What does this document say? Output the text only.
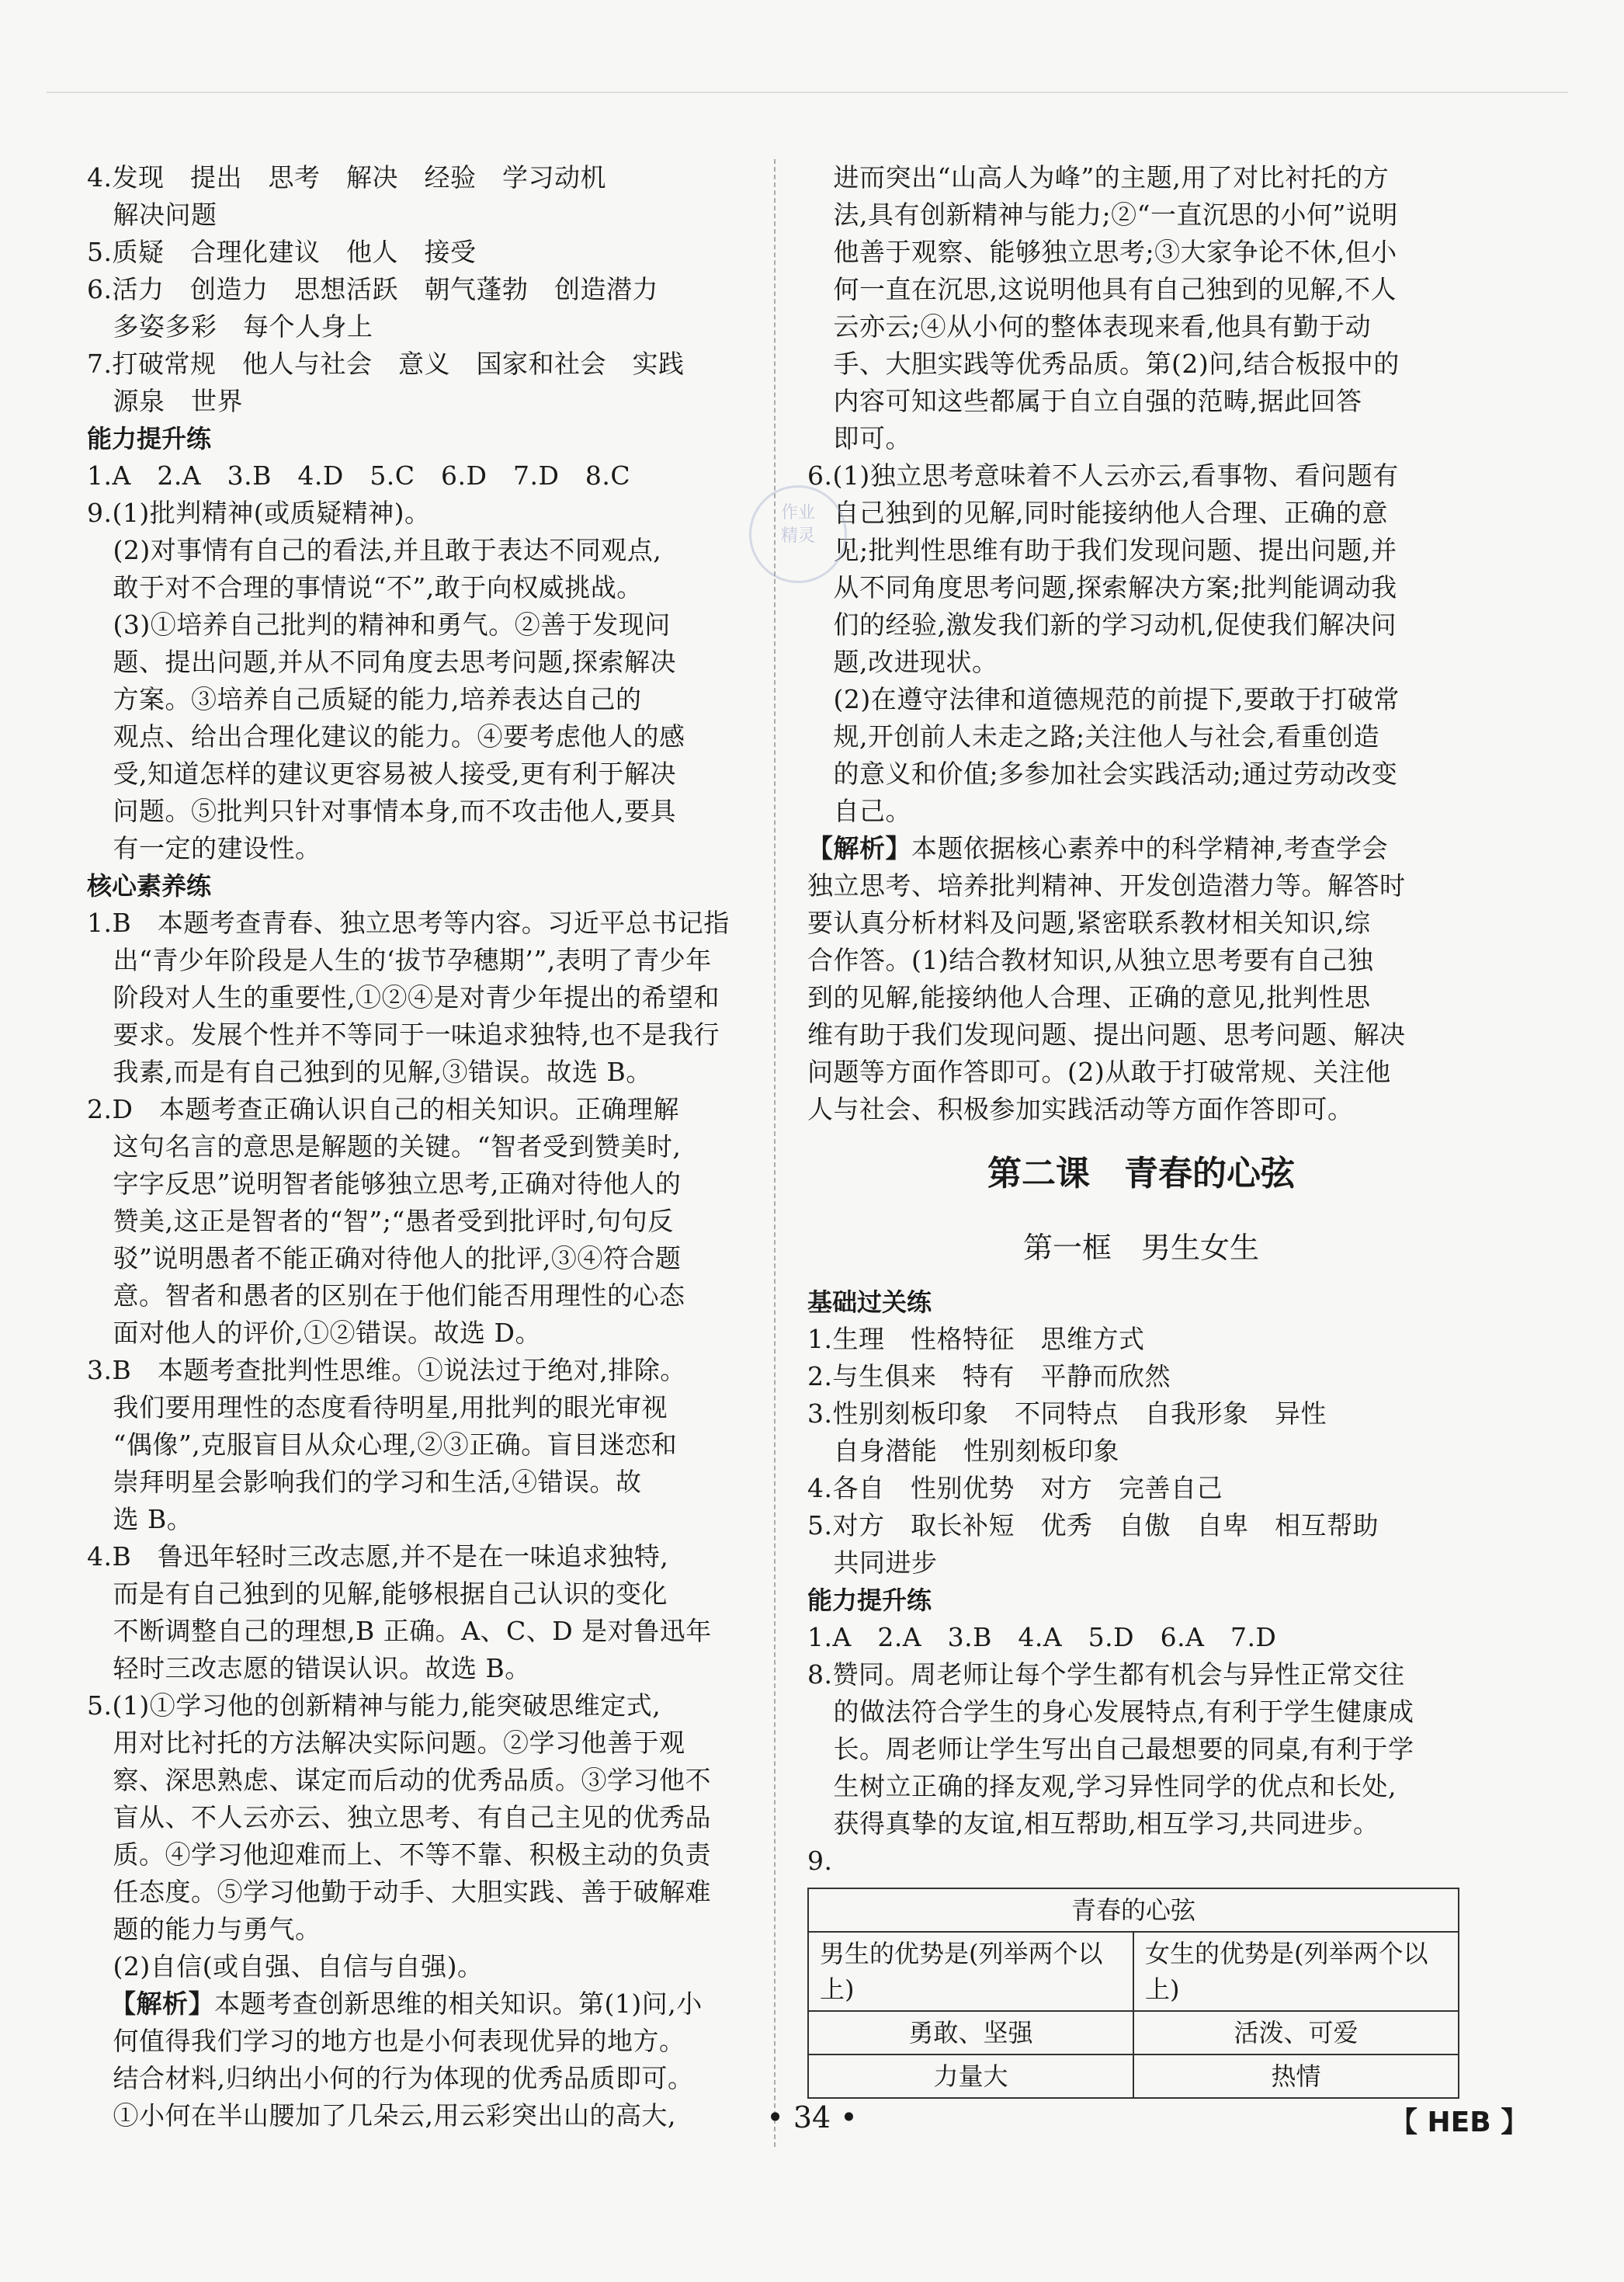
4.发现　提出　思考　解决　经验　学习动机
　解决问题
5.质疑　合理化建议　他人　接受
6.活力　创造力　思想活跃　朝气蓬勃　创造潜力
　多姿多彩　每个人身上
7.打破常规　他人与社会　意义　国家和社会　实践
　源泉　世界
能力提升练
1.A　2.A　3.B　4.D　5.C　6.D　7.D　8.C
9.(1)批判精神(或质疑精神)。
　(2)对事情有自己的看法,并且敢于表达不同观点,
　敢于对不合理的事情说“不”,敢于向权威挑战。
　(3)①培养自己批判的精神和勇气。②善于发现问
　题、提出问题,并从不同角度去思考问题,探索解决
　方案。③培养自己质疑的能力,培养表达自己的
　观点、给出合理化建议的能力。④要考虑他人的感
　受,知道怎样的建议更容易被人接受,更有利于解决
　问题。⑤批判只针对事情本身,而不攻击他人,要具
　有一定的建设性。
核心素养练
1.B　本题考查青春、独立思考等内容。习近平总书记指
　出“青少年阶段是人生的‘拔节孕穗期’”,表明了青少年
　阶段对人生的重要性,①②④是对青少年提出的希望和
　要求。发展个性并不等同于一味追求独特,也不是我行
　我素,而是有自己独到的见解,③错误。故选 B。
2.D　本题考查正确认识自己的相关知识。正确理解
　这句名言的意思是解题的关键。“智者受到赞美时,
　字字反思”说明智者能够独立思考,正确对待他人的
　赞美,这正是智者的“智”;“愚者受到批评时,句句反
　驳”说明愚者不能正确对待他人的批评,③④符合题
　意。智者和愚者的区别在于他们能否用理性的心态
　面对他人的评价,①②错误。故选 D。
3.B　本题考查批判性思维。①说法过于绝对,排除。
　我们要用理性的态度看待明星,用批判的眼光审视
　“偶像”,克服盲目从众心理,②③正确。盲目迷恋和
　崇拜明星会影响我们的学习和生活,④错误。故
　选 B。
4.B　鲁迅年轻时三改志愿,并不是在一味追求独特,
　而是有自己独到的见解,能够根据自己认识的变化
　不断调整自己的理想,B 正确。A、C、D 是对鲁迅年
　轻时三改志愿的错误认识。故选 B。
5.(1)①学习他的创新精神与能力,能突破思维定式,
　用对比衬托的方法解决实际问题。②学习他善于观
　察、深思熟虑、谋定而后动的优秀品质。③学习他不
　盲从、不人云亦云、独立思考、有自己主见的优秀品
　质。④学习他迎难而上、不等不靠、积极主动的负责
　任态度。⑤学习他勤于动手、大胆实践、善于破解难
　题的能力与勇气。
　(2)自信(或自强、自信与自强)。
【解析】本题考查创新思维的相关知识。第(1)问,小
　何值得我们学习的地方也是小何表现优异的地方。
　结合材料,归纳出小何的行为体现的优秀品质即可。
　①小何在半山腰加了几朵云,用云彩突出山的高大,
　进而突出“山高人为峰”的主题,用了对比衬托的方
　法,具有创新精神与能力;②“一直沉思的小何”说明
　他善于观察、能够独立思考;③大家争论不休,但小
　何一直在沉思,这说明他具有自己独到的见解,不人
　云亦云;④从小何的整体表现来看,他具有勤于动
　手、大胆实践等优秀品质。第(2)问,结合板报中的
　内容可知这些都属于自立自强的范畴,据此回答
　即可。
6.(1)独立思考意味着不人云亦云,看事物、看问题有
　自己独到的见解,同时能接纳他人合理、正确的意
　见;批判性思维有助于我们发现问题、提出问题,并
　从不同角度思考问题,探索解决方案;批判能调动我
　们的经验,激发我们新的学习动机,促使我们解决问
　题,改进现状。
　(2)在遵守法律和道德规范的前提下,要敢于打破常
　规,开创前人未走之路;关注他人与社会,看重创造
　的意义和价值;多参加社会实践活动;通过劳动改变
　自己。
【解析】本题依据核心素养中的科学精神,考查学会
独立思考、培养批判精神、开发创造潜力等。解答时
要认真分析材料及问题,紧密联系教材相关知识,综
合作答。(1)结合教材知识,从独立思考要有自己独
到的见解,能接纳他人合理、正确的意见,批判性思
维有助于我们发现问题、提出问题、思考问题、解决
问题等方面作答即可。(2)从敢于打破常规、关注他
人与社会、积极参加实践活动等方面作答即可。
第二课　青春的心弦
第一框　男生女生
基础过关练
1.生理　性格特征　思维方式
2.与生俱来　特有　平静而欣然
3.性别刻板印象　不同特点　自我形象　异性
　自身潜能　性别刻板印象
4.各自　性别优势　对方　完善自己
5.对方　取长补短　优秀　自傲　自卑　相互帮助
　共同进步
能力提升练
1.A　2.A　3.B　4.A　5.D　6.A　7.D
8.赞同。周老师让每个学生都有机会与异性正常交往
　的做法符合学生的身心发展特点,有利于学生健康成
　长。周老师让学生写出自己最想要的同桌,有利于学
　生树立正确的择友观,学习异性同学的优点和长处,
　获得真挚的友谊,相互帮助,相互学习,共同进步。
9.
青春的心弦	
男生的优势是(列举两个以上)	女生的优势是(列举两个以上)
勇敢、坚强	活泼、可爱
力量大	热情
作业
精灵
• 34 •	【 HEB 】
